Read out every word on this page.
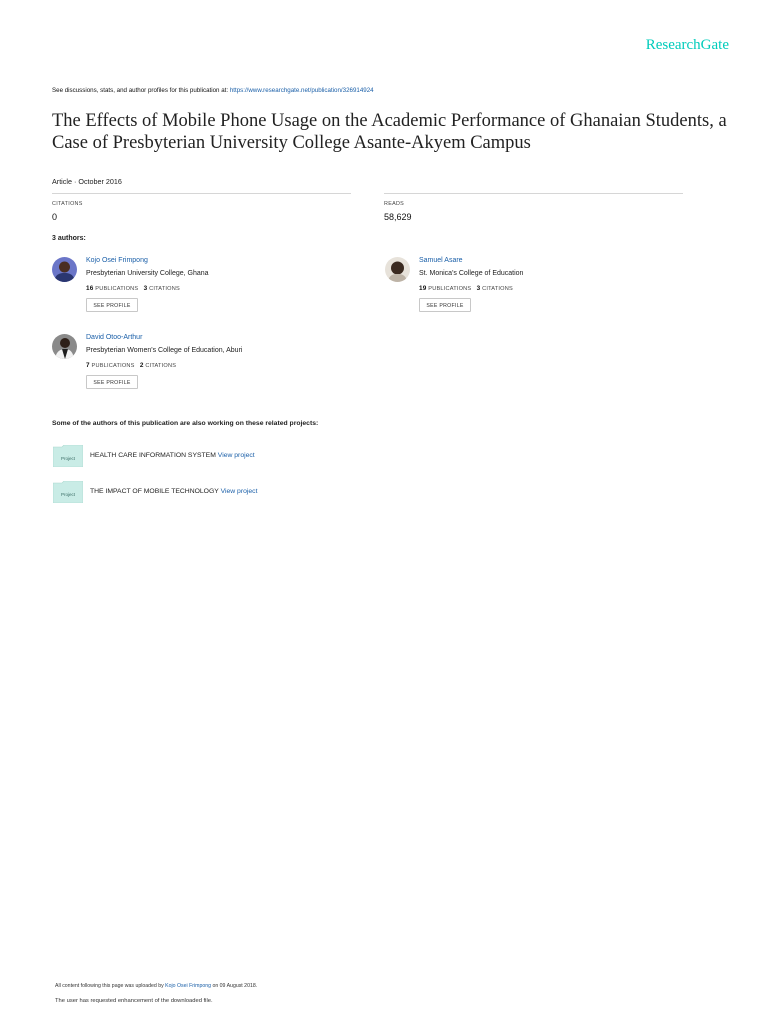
ResearchGate
See discussions, stats, and author profiles for this publication at: https://www.researchgate.net/publication/326914924
The Effects of Mobile Phone Usage on the Academic Performance of Ghanaian Students, a Case of Presbyterian University College Asante-Akyem Campus
Article · October 2016
CITATIONS
0
READS
58,629
3 authors:
Kojo Osei Frimpong
Presbyterian University College, Ghana
16 PUBLICATIONS 3 CITATIONS
SEE PROFILE
Samuel Asare
St. Monica's College of Education
19 PUBLICATIONS 3 CITATIONS
SEE PROFILE
David Otoo-Arthur
Presbyterian Women's College of Education, Aburi
7 PUBLICATIONS 2 CITATIONS
SEE PROFILE
Some of the authors of this publication are also working on these related projects:
Project HEALTH CARE INFORMATION SYSTEM View project
Project THE IMPACT OF MOBILE TECHNOLOGY View project
All content following this page was uploaded by Kojo Osei Frimpong on 09 August 2018.
The user has requested enhancement of the downloaded file.
